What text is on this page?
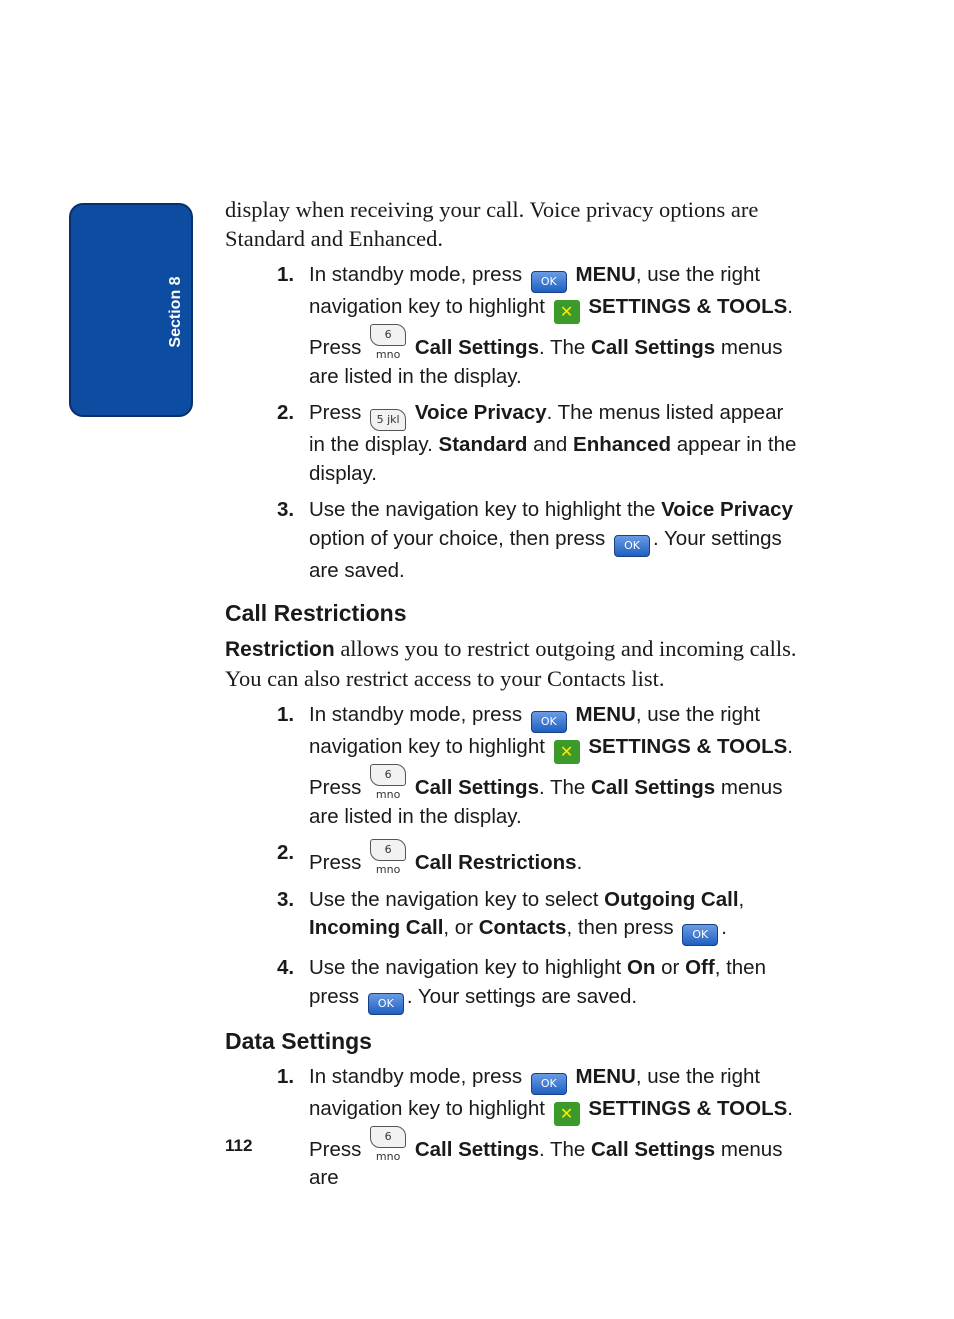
Section 8

display when receiving your call. Voice privacy options are Standard and Enhanced.

1. In standby mode, press OK MENU, use the right navigation key to highlight ✕ SETTINGS & TOOLS. Press 6 mno Call Settings. The Call Settings menus are listed in the display.
2. Press 5 jkl Voice Privacy. The menus listed appear in the display. Standard and Enhanced appear in the display.
3. Use the navigation key to highlight the Voice Privacy option of your choice, then press OK . Your settings are saved.
Call Restrictions

Restriction allows you to restrict outgoing and incoming calls. You can also restrict access to your Contacts list.

1. In standby mode, press OK MENU, use the right navigation key to highlight ✕ SETTINGS & TOOLS. Press 6 mno Call Settings. The Call Settings menus are listed in the display.
2. Press 6 mno Call Restrictions.
3. Use the navigation key to select Outgoing Call, Incoming Call, or Contacts, then press OK .
4. Use the navigation key to highlight On or Off, then press OK . Your settings are saved.
Data Settings
1. In standby mode, press OK MENU, use the right navigation key to highlight ✕ SETTINGS & TOOLS. Press 6 mno Call Settings. The Call Settings menus are
112
